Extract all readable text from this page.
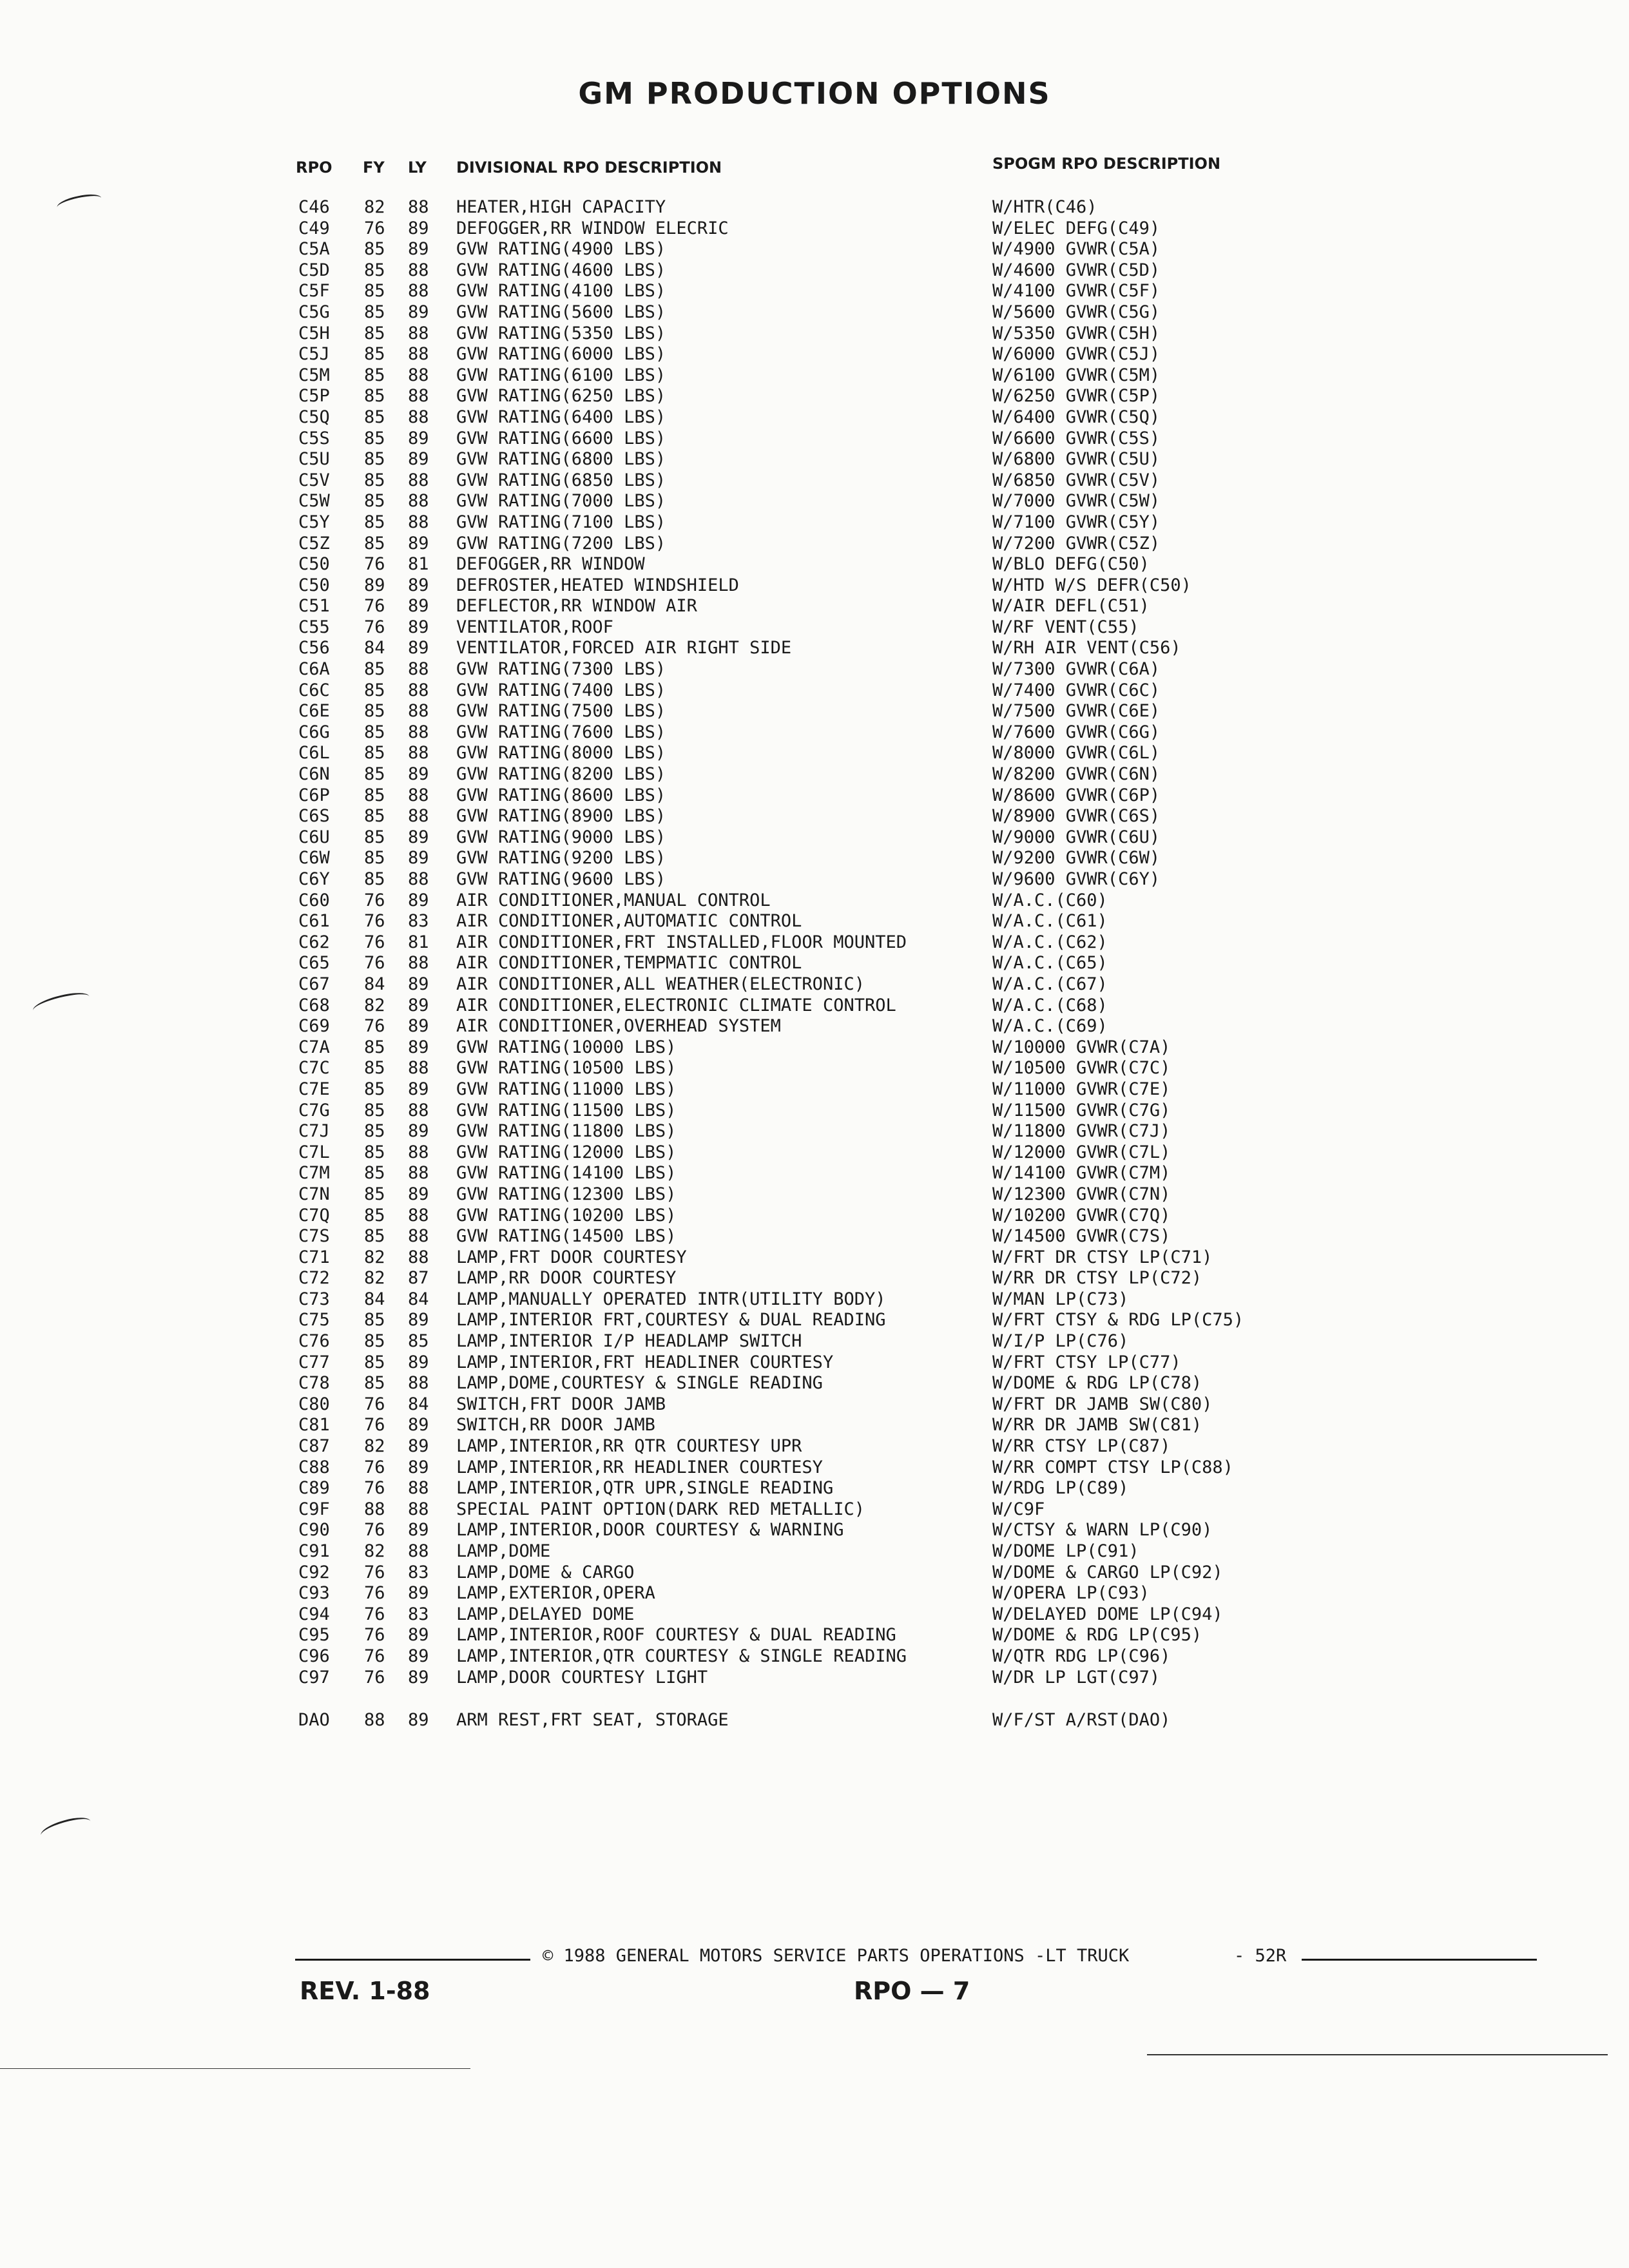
GM PRODUCTION OPTIONS
RPO FY LY DIVISIONAL RPO DESCRIPTION	SPOGM RPO DESCRIPTION
C46 82 88 HEATER,HIGH CAPACITY	W/HTR(C46)
C49 76 89 DEFOGGER,RR WINDOW ELECRIC	W/ELEC DEFG(C49)
C5A 85 89 GVW RATING(4900 LBS)	W/4900 GVWR(C5A)
C5D 85 88 GVW RATING(4600 LBS)	W/4600 GVWR(C5D)
C5F 85 88 GVW RATING(4100 LBS)	W/4100 GVWR(C5F)
C5G 85 89 GVW RATING(5600 LBS)	W/5600 GVWR(C5G)
C5H 85 88 GVW RATING(5350 LBS)	W/5350 GVWR(C5H)
C5J 85 88 GVW RATING(6000 LBS)	W/6000 GVWR(C5J)
C5M 85 88 GVW RATING(6100 LBS)	W/6100 GVWR(C5M)
C5P 85 88 GVW RATING(6250 LBS)	W/6250 GVWR(C5P)
C5Q 85 88 GVW RATING(6400 LBS)	W/6400 GVWR(C5Q)
C5S 85 89 GVW RATING(6600 LBS)	W/6600 GVWR(C5S)
C5U 85 89 GVW RATING(6800 LBS)	W/6800 GVWR(C5U)
C5V 85 88 GVW RATING(6850 LBS)	W/6850 GVWR(C5V)
C5W 85 88 GVW RATING(7000 LBS)	W/7000 GVWR(C5W)
C5Y 85 88 GVW RATING(7100 LBS)	W/7100 GVWR(C5Y)
C5Z 85 89 GVW RATING(7200 LBS)	W/7200 GVWR(C5Z)
C50 76 81 DEFOGGER,RR WINDOW	W/BLO DEFG(C50)
C50 89 89 DEFROSTER,HEATED WINDSHIELD	W/HTD W/S DEFR(C50)
C51 76 89 DEFLECTOR,RR WINDOW AIR	W/AIR DEFL(C51)
C55 76 89 VENTILATOR,ROOF	W/RF VENT(C55)
C56 84 89 VENTILATOR,FORCED AIR RIGHT SIDE	W/RH AIR VENT(C56)
C6A 85 88 GVW RATING(7300 LBS)	W/7300 GVWR(C6A)
C6C 85 88 GVW RATING(7400 LBS)	W/7400 GVWR(C6C)
C6E 85 88 GVW RATING(7500 LBS)	W/7500 GVWR(C6E)
C6G 85 88 GVW RATING(7600 LBS)	W/7600 GVWR(C6G)
C6L 85 88 GVW RATING(8000 LBS)	W/8000 GVWR(C6L)
C6N 85 89 GVW RATING(8200 LBS)	W/8200 GVWR(C6N)
C6P 85 88 GVW RATING(8600 LBS)	W/8600 GVWR(C6P)
C6S 85 88 GVW RATING(8900 LBS)	W/8900 GVWR(C6S)
C6U 85 89 GVW RATING(9000 LBS)	W/9000 GVWR(C6U)
C6W 85 89 GVW RATING(9200 LBS)	W/9200 GVWR(C6W)
C6Y 85 88 GVW RATING(9600 LBS)	W/9600 GVWR(C6Y)
C60 76 89 AIR CONDITIONER,MANUAL CONTROL	W/A.C.(C60)
C61 76 83 AIR CONDITIONER,AUTOMATIC CONTROL	W/A.C.(C61)
C62 76 81 AIR CONDITIONER,FRT INSTALLED,FLOOR MOUNTED	W/A.C.(C62)
C65 76 88 AIR CONDITIONER,TEMPMATIC CONTROL	W/A.C.(C65)
C67 84 89 AIR CONDITIONER,ALL WEATHER(ELECTRONIC)	W/A.C.(C67)
C68 82 89 AIR CONDITIONER,ELECTRONIC CLIMATE CONTROL	W/A.C.(C68)
C69 76 89 AIR CONDITIONER,OVERHEAD SYSTEM	W/A.C.(C69)
C7A 85 89 GVW RATING(10000 LBS)	W/10000 GVWR(C7A)
C7C 85 88 GVW RATING(10500 LBS)	W/10500 GVWR(C7C)
C7E 85 89 GVW RATING(11000 LBS)	W/11000 GVWR(C7E)
C7G 85 88 GVW RATING(11500 LBS)	W/11500 GVWR(C7G)
C7J 85 89 GVW RATING(11800 LBS)	W/11800 GVWR(C7J)
C7L 85 88 GVW RATING(12000 LBS)	W/12000 GVWR(C7L)
C7M 85 88 GVW RATING(14100 LBS)	W/14100 GVWR(C7M)
C7N 85 89 GVW RATING(12300 LBS)	W/12300 GVWR(C7N)
C7Q 85 88 GVW RATING(10200 LBS)	W/10200 GVWR(C7Q)
C7S 85 88 GVW RATING(14500 LBS)	W/14500 GVWR(C7S)
C71 82 88 LAMP,FRT DOOR COURTESY	W/FRT DR CTSY LP(C71)
C72 82 87 LAMP,RR DOOR COURTESY	W/RR DR CTSY LP(C72)
C73 84 84 LAMP,MANUALLY OPERATED INTR(UTILITY BODY)	W/MAN LP(C73)
C75 85 89 LAMP,INTERIOR FRT,COURTESY & DUAL READING	W/FRT CTSY & RDG LP(C75)
C76 85 85 LAMP,INTERIOR I/P HEADLAMP SWITCH	W/I/P LP(C76)
C77 85 89 LAMP,INTERIOR,FRT HEADLINER COURTESY	W/FRT CTSY LP(C77)
C78 85 88 LAMP,DOME,COURTESY & SINGLE READING	W/DOME & RDG LP(C78)
C80 76 84 SWITCH,FRT DOOR JAMB	W/FRT DR JAMB SW(C80)
C81 76 89 SWITCH,RR DOOR JAMB	W/RR DR JAMB SW(C81)
C87 82 89 LAMP,INTERIOR,RR QTR COURTESY UPR	W/RR CTSY LP(C87)
C88 76 89 LAMP,INTERIOR,RR HEADLINER COURTESY	W/RR COMPT CTSY LP(C88)
C89 76 88 LAMP,INTERIOR,QTR UPR,SINGLE READING	W/RDG LP(C89)
C9F 88 88 SPECIAL PAINT OPTION(DARK RED METALLIC)	W/C9F
C90 76 89 LAMP,INTERIOR,DOOR COURTESY & WARNING	W/CTSY & WARN LP(C90)
C91 82 88 LAMP,DOME	W/DOME LP(C91)
C92 76 83 LAMP,DOME & CARGO	W/DOME & CARGO LP(C92)
C93 76 89 LAMP,EXTERIOR,OPERA	W/OPERA LP(C93)
C94 76 83 LAMP,DELAYED DOME	W/DELAYED DOME LP(C94)
C95 76 89 LAMP,INTERIOR,ROOF COURTESY & DUAL READING	W/DOME & RDG LP(C95)
C96 76 89 LAMP,INTERIOR,QTR COURTESY & SINGLE READING	W/QTR RDG LP(C96)
C97 76 89 LAMP,DOOR COURTESY LIGHT	W/DR LP LGT(C97)
DAO 88 89 ARM REST,FRT SEAT, STORAGE	W/F/ST A/RST(DAO)
© 1988 GENERAL MOTORS SERVICE PARTS OPERATIONS -LT TRUCK	- 52R
REV. 1-88	RPO — 7
